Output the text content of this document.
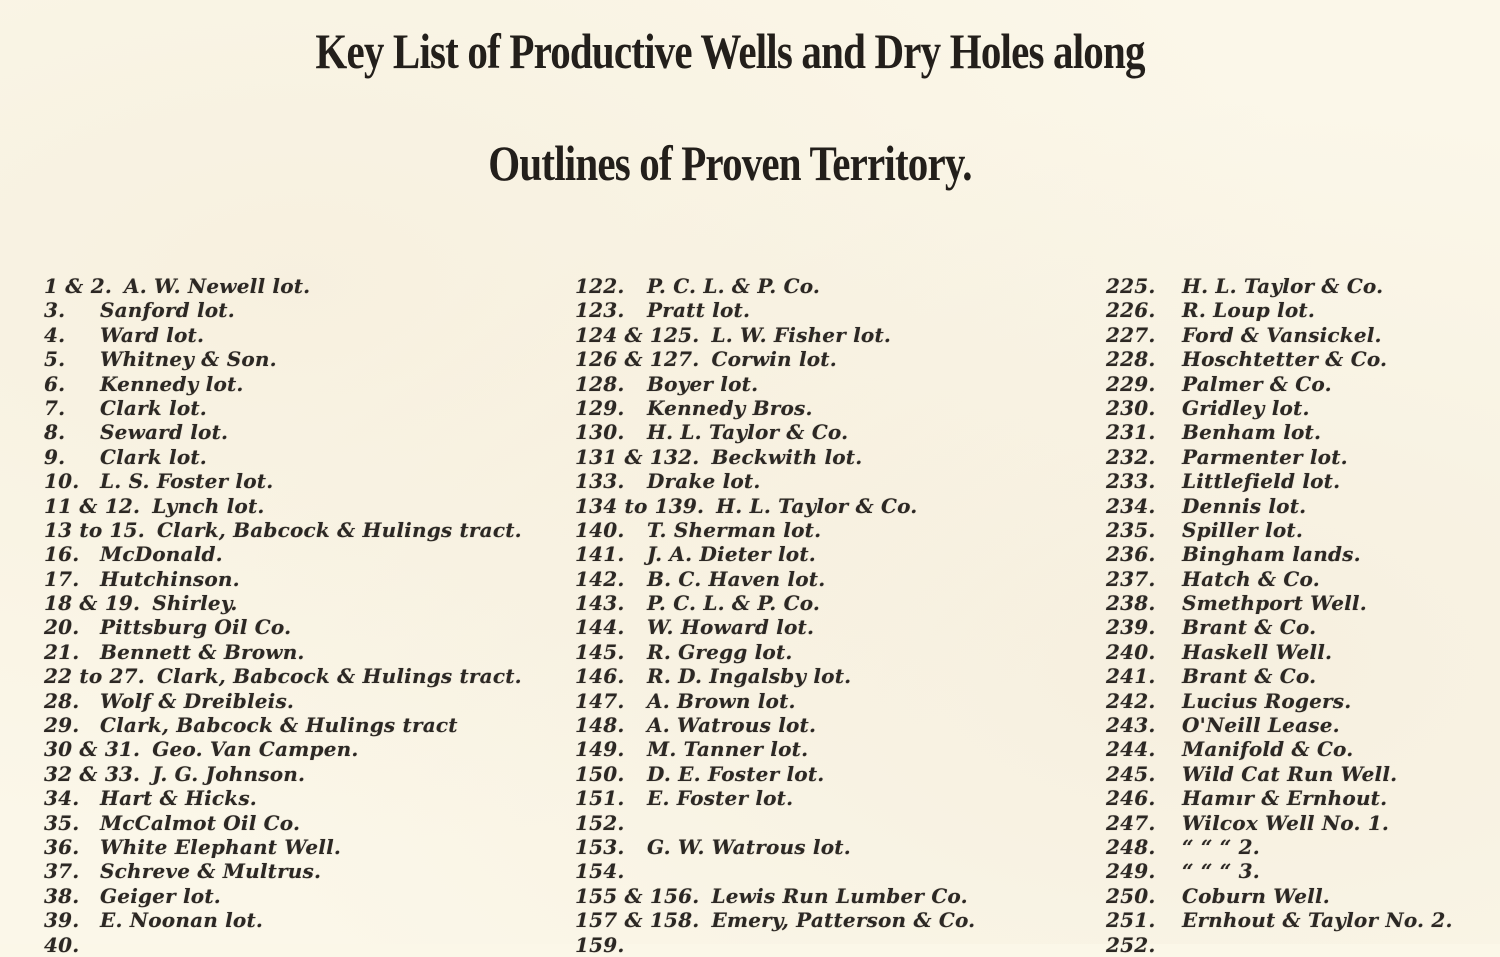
Key List of Productive Wells and Dry Holes along
Outlines of Proven Territory.
1 & 2. A. W. Newell lot.
3. Sanford lot.
4. Ward lot.
5. Whitney & Son.
6. Kennedy lot.
7. Clark lot.
8. Seward lot.
9. Clark lot.
10. L. S. Foster lot.
11 & 12. Lynch lot.
13 to 15. Clark, Babcock & Hulings tract.
16. McDonald.
17. Hutchinson.
18 & 19. Shirley.
20. Pittsburg Oil Co.
21. Bennett & Brown.
22 to 27. Clark, Babcock & Hulings tract.
28. Wolf & Dreibleis.
29. Clark, Babcock & Hulings tract
30 & 31. Geo. Van Campen.
32 & 33. J. G. Johnson.
34. Hart & Hicks.
35. McCalmot Oil Co.
36. White Elephant Well.
37. Schreve & Multrus.
38. Geiger lot.
39. E. Noonan lot.
40.
122. P. C. L. & P. Co.
123. Pratt lot.
124 & 125. L. W. Fisher lot.
126 & 127. Corwin lot.
128. Boyer lot.
129. Kennedy Bros.
130. H. L. Taylor & Co.
131 & 132. Beckwith lot.
133. Drake lot.
134 to 139. H. L. Taylor & Co.
140. T. Sherman lot.
141. J. A. Dieter lot.
142. B. C. Haven lot.
143. P. C. L. & P. Co.
144. W. Howard lot.
145. R. Gregg lot.
146. R. D. Ingalsby lot.
147. A. Brown lot.
148. A. Watrous lot.
149. M. Tanner lot.
150. D. E. Foster lot.
151. E. Foster lot.
152.
153. G. W. Watrous lot.
154.
155 & 156. Lewis Run Lumber Co.
157 & 158. Emery, Patterson & Co.
159.
225. H. L. Taylor & Co.
226. R. Loup lot.
227. Ford & Vansickel.
228. Hoschtetter & Co.
229. Palmer & Co.
230. Gridley lot.
231. Benham lot.
232. Parmenter lot.
233. Littlefield lot.
234. Dennis lot.
235. Spiller lot.
236. Bingham lands.
237. Hatch & Co.
238. Smethport Well.
239. Brant & Co.
240. Haskell Well.
241. Brant & Co.
242. Lucius Rogers.
243. O'Neill Lease.
244. Manifold & Co.
245. Wild Cat Run Well.
246. Hamır & Ernhout.
247. Wilcox Well No. 1.
248. “ “ “ 2.
249. “ “ “ 3.
250. Coburn Well.
251. Ernhout & Taylor No. 2.
252.
